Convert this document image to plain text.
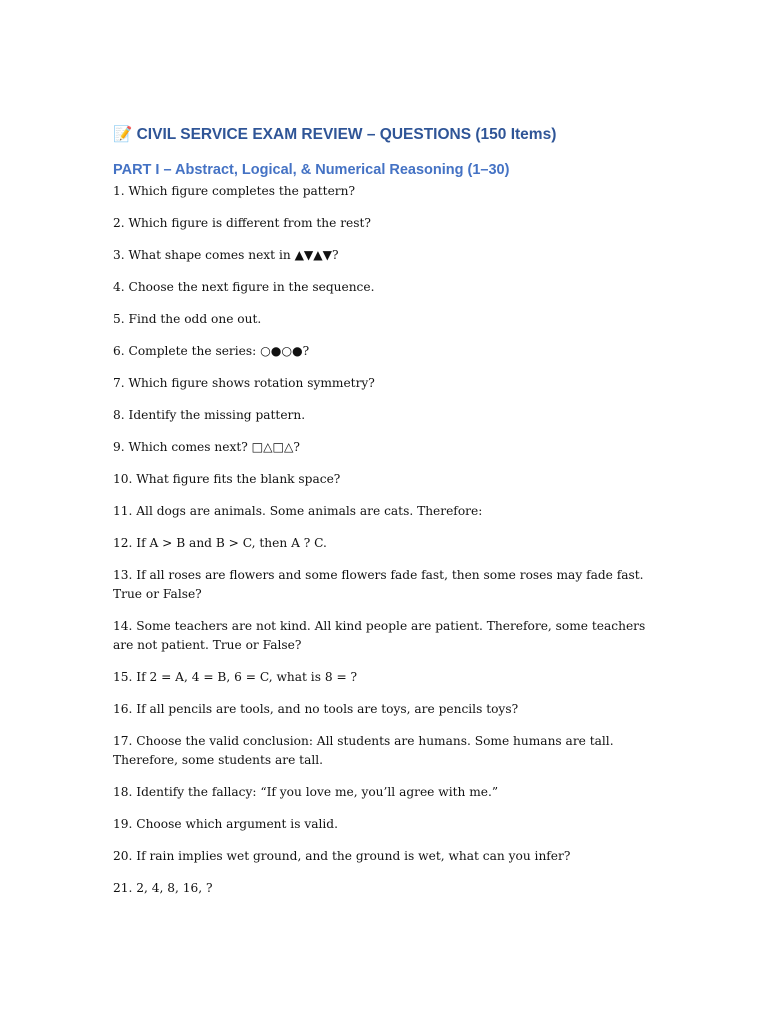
📝 CIVIL SERVICE EXAM REVIEW – QUESTIONS (150 Items)
PART I – Abstract, Logical, & Numerical Reasoning (1–30)
1. Which figure completes the pattern?
2. Which figure is different from the rest?
3. What shape comes next in ▲▼▲▼?
4. Choose the next figure in the sequence.
5. Find the odd one out.
6. Complete the series: ○●○●?
7. Which figure shows rotation symmetry?
8. Identify the missing pattern.
9. Which comes next? □△□△?
10. What figure fits the blank space?
11. All dogs are animals. Some animals are cats. Therefore:
12. If A > B and B > C, then A ? C.
13. If all roses are flowers and some flowers fade fast, then some roses may fade fast. True or False?
14. Some teachers are not kind. All kind people are patient. Therefore, some teachers are not patient. True or False?
15. If 2 = A, 4 = B, 6 = C, what is 8 = ?
16. If all pencils are tools, and no tools are toys, are pencils toys?
17. Choose the valid conclusion: All students are humans. Some humans are tall. Therefore, some students are tall.
18. Identify the fallacy: “If you love me, you’ll agree with me.”
19. Choose which argument is valid.
20. If rain implies wet ground, and the ground is wet, what can you infer?
21. 2, 4, 8, 16, ?
